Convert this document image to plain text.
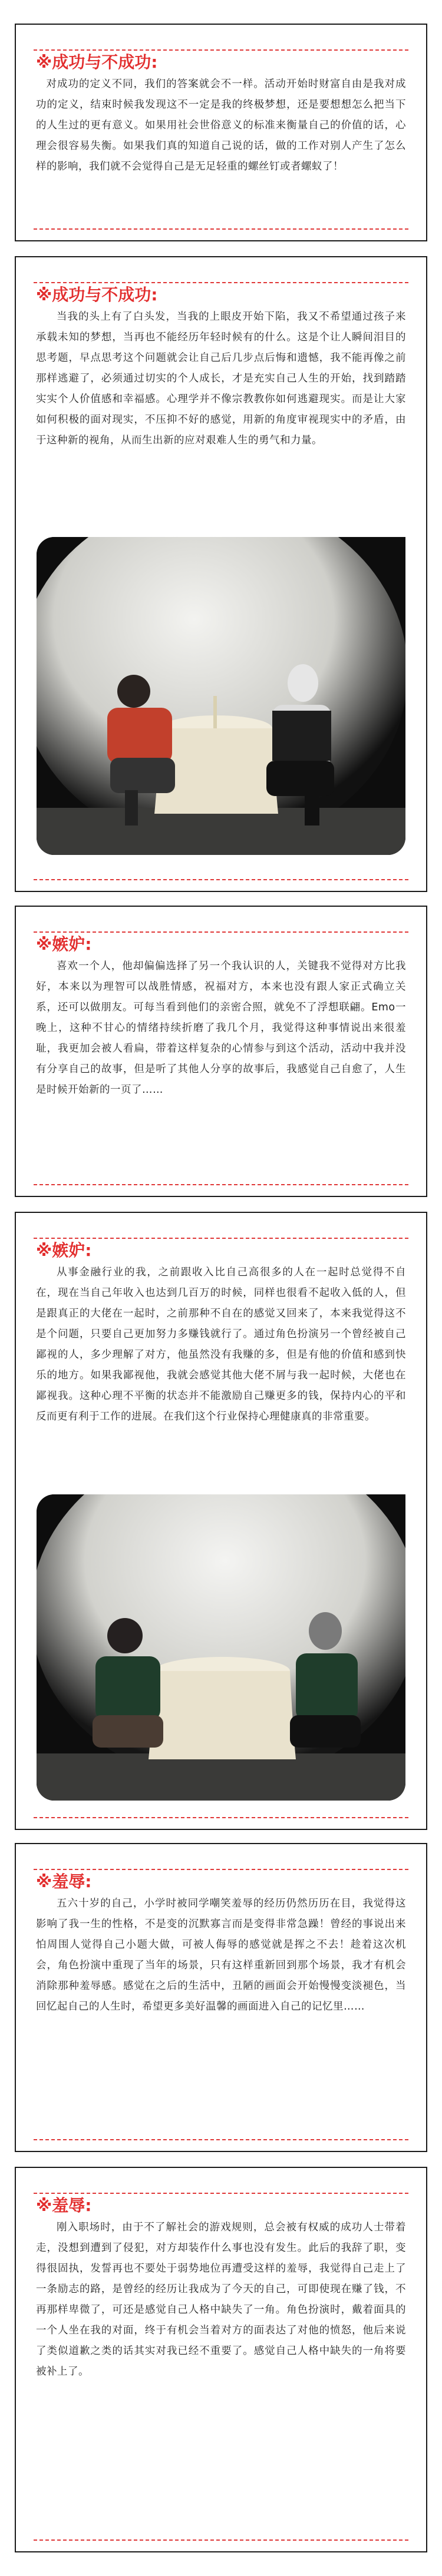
※成功与不成功:

对成功的定义不同，我们的答案就会不一样。活动开始时财富自由是我对成功的定义，结束时候我发现这不一定是我的终极梦想，还是要想想怎么把当下的人生过的更有意义。如果用社会世俗意义的标准来衡量自己的价值的话，心理会很容易失衡。如果我们真的知道自己说的话，做的工作对别人产生了怎么样的影响，我们就不会觉得自己是无足轻重的螺丝钉或者螺蚁了！

※成功与不成功:

当我的头上有了白头发，当我的上眼皮开始下陷，我又不希望通过孩子来承载未知的梦想，当再也不能经历年轻时候有的什么。这是个让人瞬间泪目的思考题，早点思考这个问题就会让自己后几步点后悔和遗憾，我不能再像之前那样逃避了，必须通过切实的个人成长，才是充实自己人生的开始，找到踏踏实实个人价值感和幸福感。心理学并不像宗教教你如何逃避现实。而是让大家如何积极的面对现实，不压抑不好的感觉，用新的角度审视现实中的矛盾，由于这种新的视角，从而生出新的应对艰难人生的勇气和力量。

※嫉妒:

喜欢一个人，他却偏偏选择了另一个我认识的人，关键我不觉得对方比我好，本来以为理智可以战胜情感，祝福对方，本来也没有跟人家正式确立关系，还可以做朋友。可每当看到他们的亲密合照，就免不了浮想联翩。Emo一晚上，这种不甘心的情绪持续折磨了我几个月，我觉得这种事情说出来很羞耻，我更加会被人看扁，带着这样复杂的心情参与到这个活动，活动中我并没有分享自己的故事，但是听了其他人分享的故事后，我感觉自己自愈了，人生是时候开始新的一页了……

※嫉妒:

从事金融行业的我，之前跟收入比自己高很多的人在一起时总觉得不自在，现在当自己年收入也达到几百万的时候，同样也很看不起收入低的人，但是跟真正的大佬在一起时，之前那种不自在的感觉又回来了，本来我觉得这不是个问题，只要自己更加努力多赚钱就行了。通过角色扮演另一个曾经被自己鄙视的人，多少理解了对方，他虽然没有我赚的多，但是有他的价值和感到快乐的地方。如果我鄙视他，我就会感觉其他大佬不屑与我一起时候，大佬也在鄙视我。这种心理不平衡的状态并不能激励自己赚更多的钱，保持内心的平和反而更有利于工作的进展。在我们这个行业保持心理健康真的非常重要。

※羞辱:

五六十岁的自己，小学时被同学嘲笑羞辱的经历仍然历历在目，我觉得这影响了我一生的性格，不是变的沉默寡言而是变得非常急躁！曾经的事说出来怕周围人觉得自己小题大做，可被人侮辱的感觉就是挥之不去！趁着这次机会，角色扮演中重现了当年的场景，只有这样重新回到那个场景，我才有机会消除那种羞辱感。感觉在之后的生活中，丑陋的画面会开始慢慢变淡褪色，当回忆起自己的人生时，希望更多美好温馨的画面进入自己的记忆里……

※羞辱:

刚入职场时，由于不了解社会的游戏规则，总会被有权威的成功人士带着走，没想到遭到了侵犯，对方却装作什么事也没有发生。此后的我辞了职，变得很固执，发誓再也不要处于弱势地位再遭受这样的羞辱，我觉得自己走上了一条励志的路，是曾经的经历让我成为了今天的自己，可即使现在赚了钱，不再那样卑微了，可还是感觉自己人格中缺失了一角。角色扮演时，戴着面具的一个人坐在我的对面，终于有机会当着对方的面表达了对他的愤怒，他后来说了类似道歉之类的话其实对我已经不重要了。感觉自己人格中缺失的一角将要被补上了。
